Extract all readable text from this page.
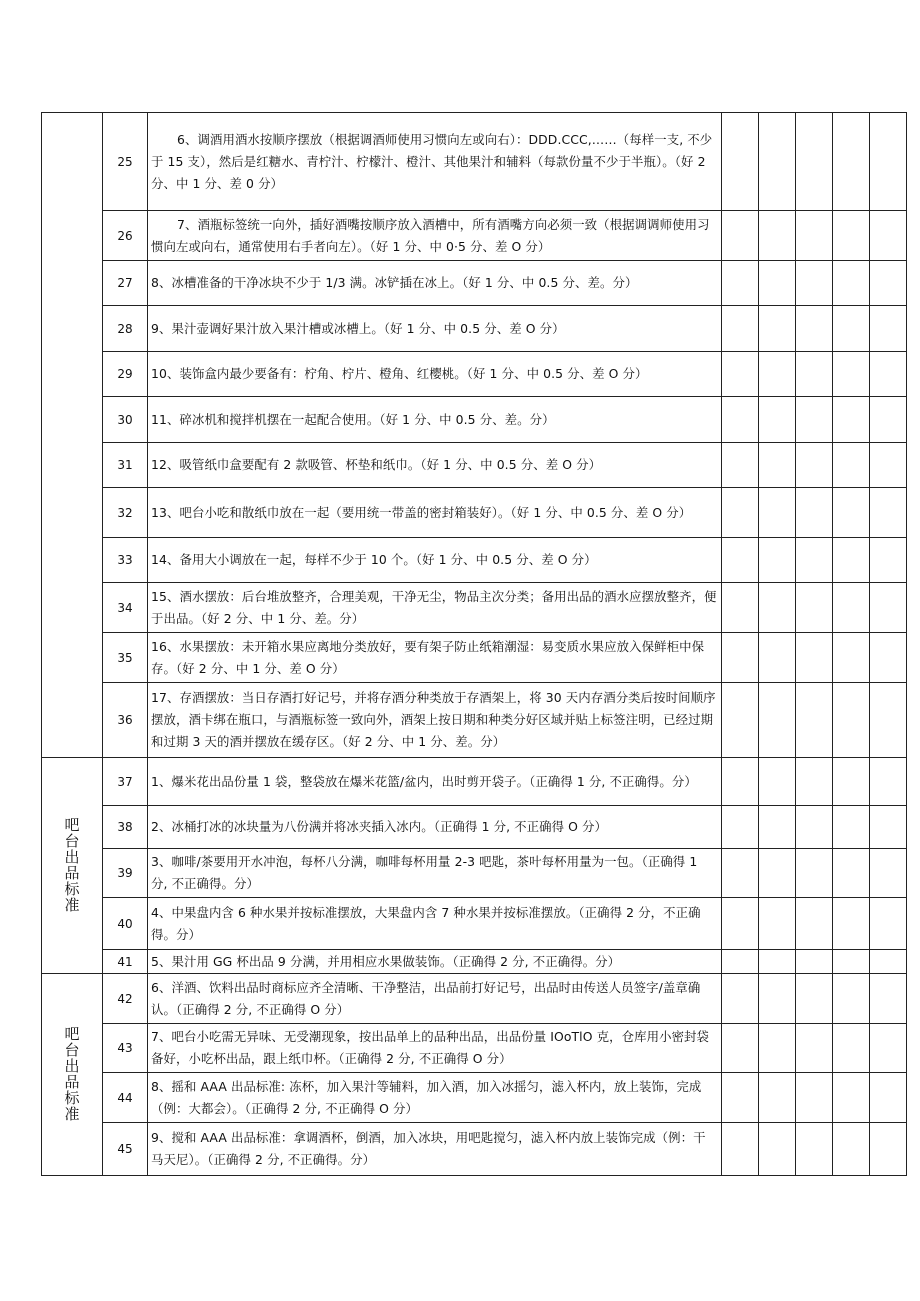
	25	6、调酒用酒水按顺序摆放（根据调酒师使用习惯向左或向右）：DDD.CCC,……（每样一支, 不少于 15 支），然后是红糖水、青柠汁、柠檬汁、橙汁、其他果汁和辅料（每款份量不少于半瓶）。（好 2 分、中 1 分、差 0 分）					
	26	7、酒瓶标签统一向外，插好酒嘴按顺序放入酒槽中，所有酒嘴方向必须一致（根据调调师使用习惯向左或向右，通常使用右手者向左）。（好 1 分、中 0·5 分、差 O 分）					
	27	8、冰槽准备的干净冰块不少于 1/3 满。冰铲插在冰上。（好 1 分、中 0.5 分、差。分）					
	28	9、果汁壶调好果汁放入果汁槽或冰槽上。（好 1 分、中 0.5 分、差 O 分）					
	29	10、装饰盒内最少要备有：柠角、柠片、橙角、红樱桃。（好 1 分、中 0.5 分、差 O 分）					
	30	11、碎冰机和搅拌机摆在一起配合使用。（好 1 分、中 0.5 分、差。分）					
	31	12、吸管纸巾盒要配有 2 款吸管、杯垫和纸巾。（好 1 分、中 0.5 分、差 O 分）					
	32	13、吧台小吃和散纸巾放在一起（要用统一带盖的密封箱装好）。（好 1 分、中 0.5 分、差 O 分）					
	33	14、备用大小调放在一起，每样不少于 10 个。（好 1 分、中 0.5 分、差 O 分）					
	34	15、酒水摆放：后台堆放整齐，合理美观，干净无尘，物品主次分类；备用出品的酒水应摆放整齐，便于出品。（好 2 分、中 1 分、差。分）					
	35	16、水果摆放：未开箱水果应离地分类放好，要有架子防止纸箱潮湿：易变质水果应放入保鲜柜中保存。（好 2 分、中 1 分、差 O 分）					
	36	17、存酒摆放：当日存酒打好记号，并将存酒分种类放于存酒架上，将 30 天内存酒分类后按时间顺序摆放，酒卡绑在瓶口，与酒瓶标签一致向外，酒架上按日期和种类分好区域并贴上标签注明，已经过期和过期 3 天的酒并摆放在缓存区。（好 2 分、中 1 分、差。分）					
吧台出品标准	37	1、爆米花出品份量 1 袋，整袋放在爆米花篮/盆内，出时剪开袋子。（正确得 1 分, 不正确得。分）					
	38	2、冰桶打冰的冰块量为八份满并将冰夹插入冰内。（正确得 1 分, 不正确得 O 分）					
	39	3、咖啡/茶要用开水冲泡，每杯八分满，咖啡每杯用量 2-3 吧匙，茶叶每杯用量为一包。（正确得 1 分, 不正确得。分）					
	40	4、中果盘内含 6 种水果并按标准摆放，大果盘内含 7 种水果并按标准摆放。（正确得 2 分，不正确得。分）					
	41	5、果汁用 GG 杯出品 9 分满，并用相应水果做装饰。（正确得 2 分, 不正确得。分）					
吧台出品标准	42	6、洋酒、饮料出品时商标应齐全清晰、干净整洁，出品前打好记号，出品时由传送人员签字/盖章确认。（正确得 2 分, 不正确得 O 分）					
	43	7、吧台小吃需无异味、无受潮现象，按出品单上的品种出品，出品份量 IOoTlO 克，仓库用小密封袋备好，小吃杯出品，跟上纸巾杯。（正确得 2 分, 不正确得 O 分）					
	44	8、摇和 AAA 出品标准: 冻杯，加入果汁等辅料，加入酒，加入冰摇匀，滤入杯内，放上装饰，完成（例：大都会）。（正确得 2 分, 不正确得 O 分）					
	45	9、搅和 AAA 出品标准：拿调酒杯，倒酒，加入冰块，用吧匙搅匀，滤入杯内放上装饰完成（例：干马天尼）。（正确得 2 分, 不正确得。分）					
